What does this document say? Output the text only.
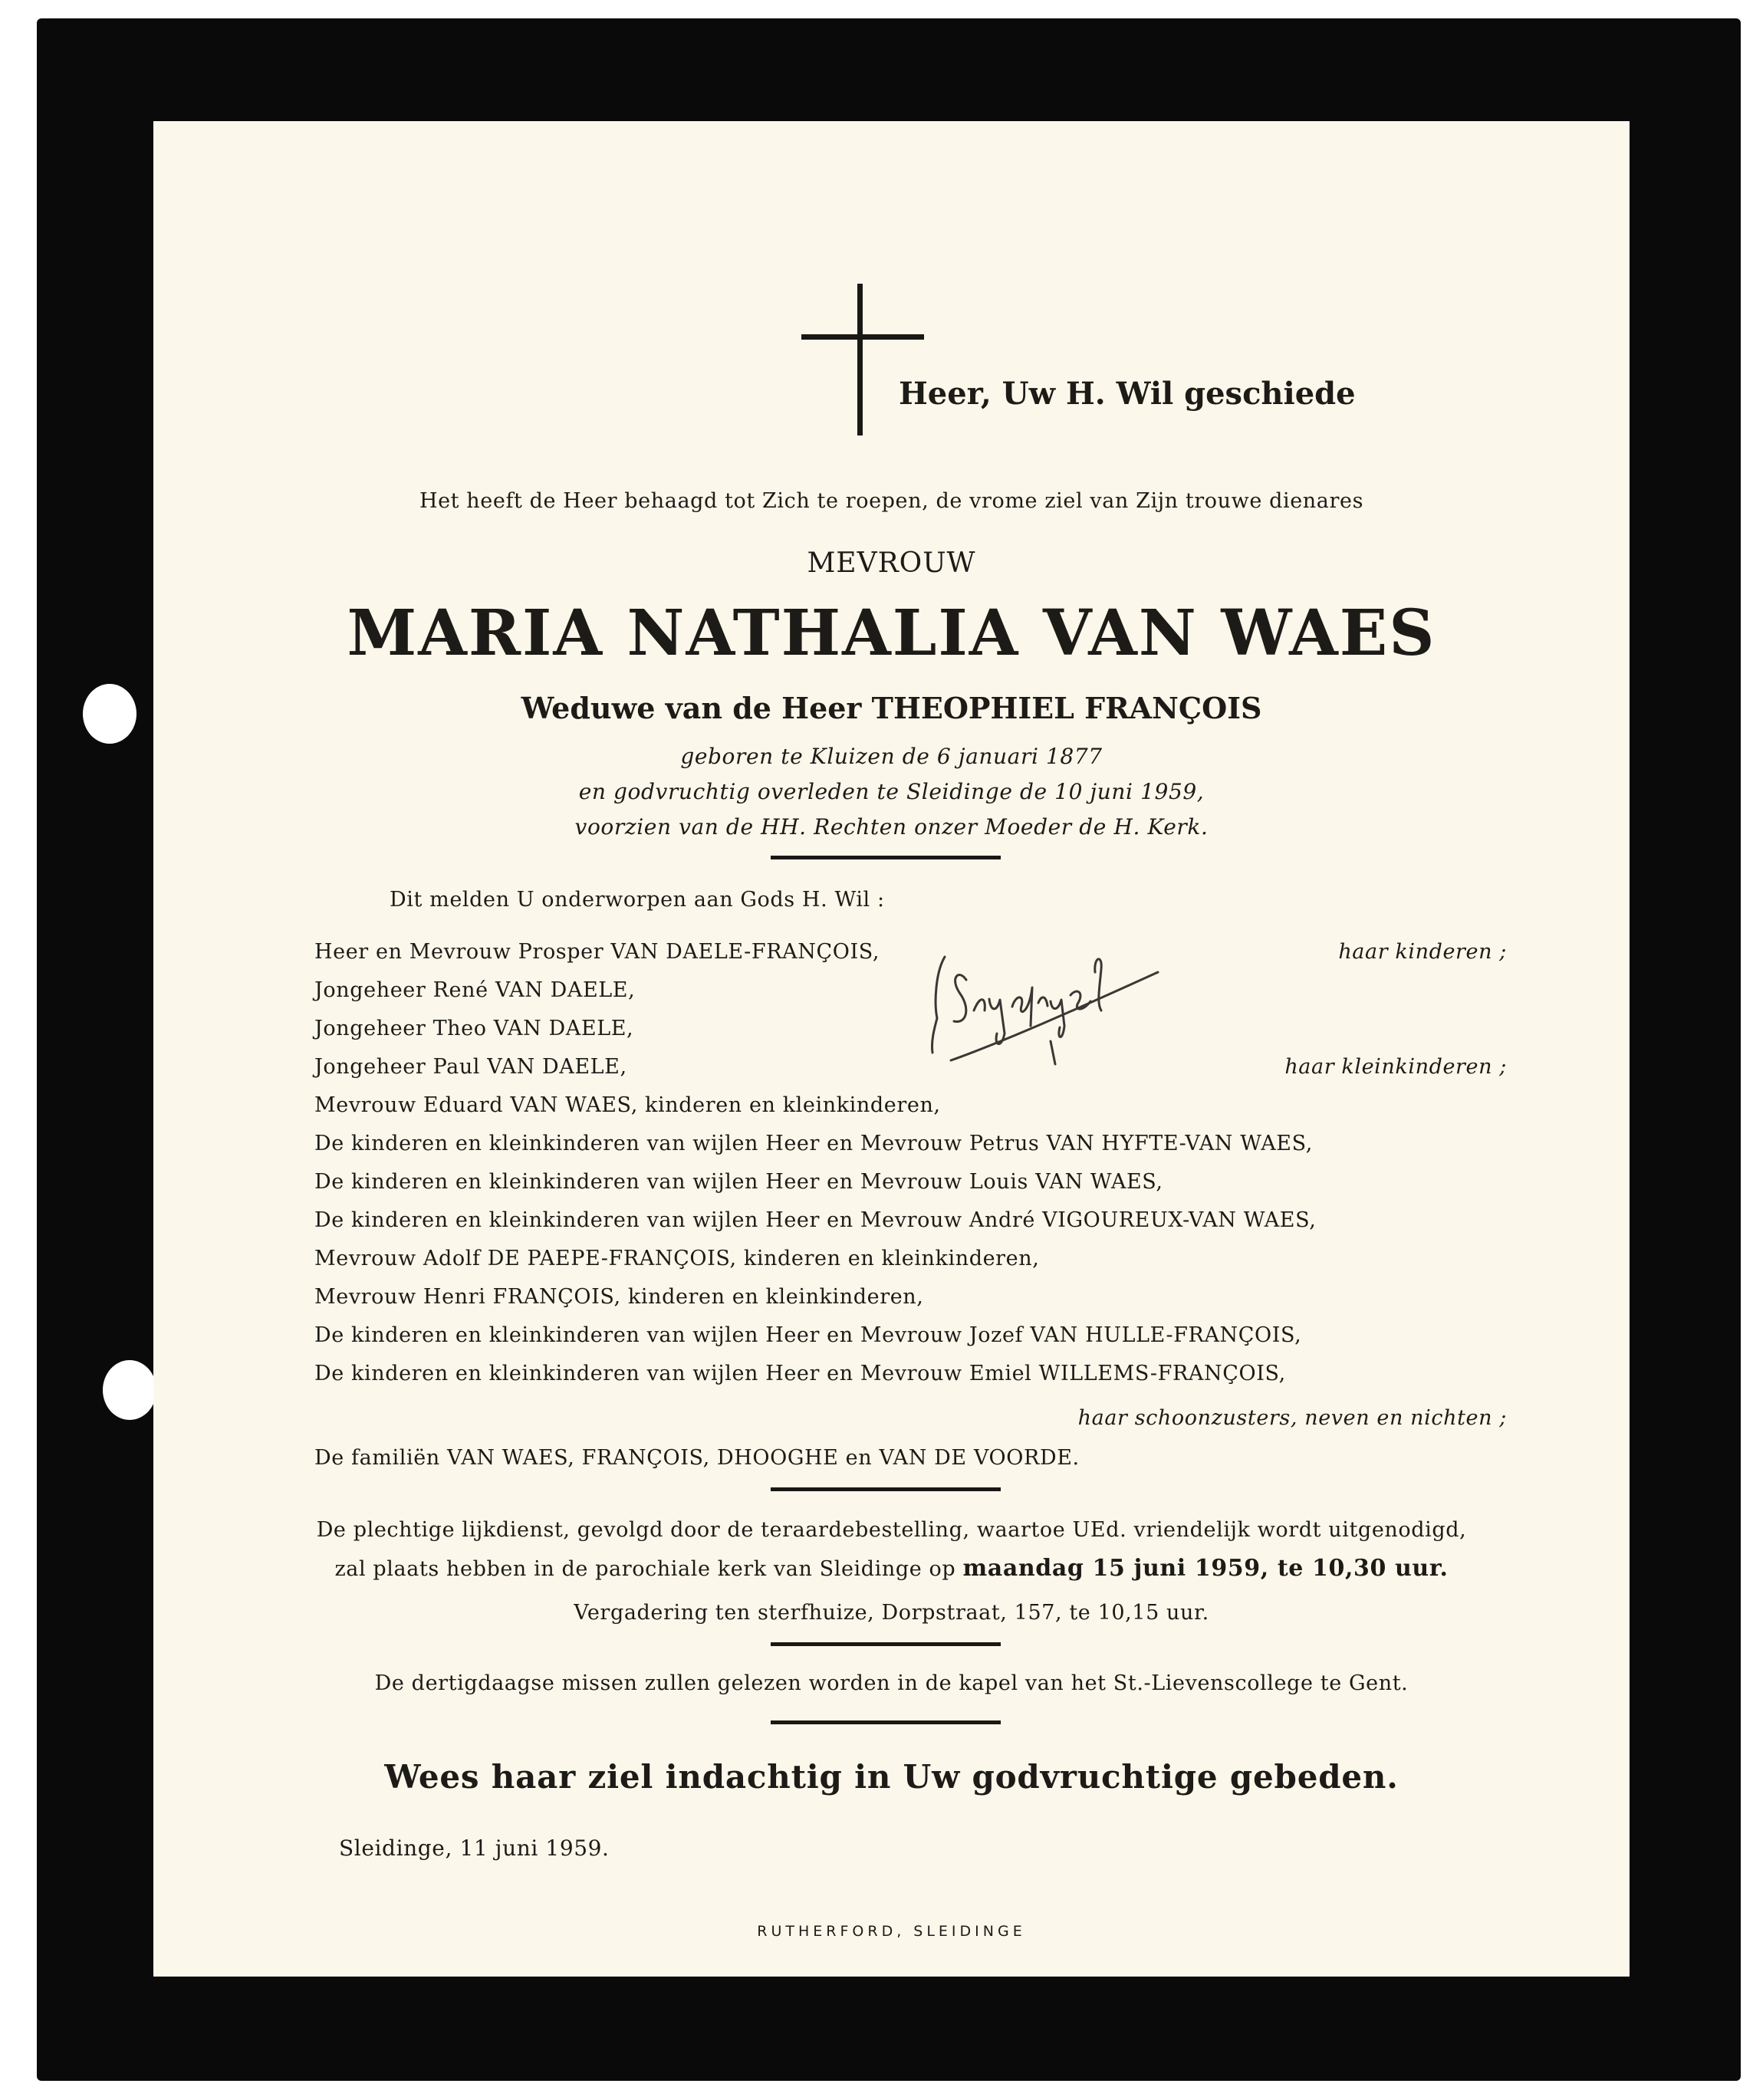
Heer, Uw H. Wil geschiede
Het heeft de Heer behaagd tot Zich te roepen, de vrome ziel van Zijn trouwe dienares
MEVROUW
MARIA NATHALIA VAN WAES
Weduwe van de Heer THEOPHIEL FRANÇOIS
geboren te Kluizen de 6 januari 1877
en godvruchtig overleden te Sleidinge de 10 juni 1959,
voorzien van de HH. Rechten onzer Moeder de H. Kerk.
Dit melden U onderworpen aan Gods H. Wil :
Heer en Mevrouw Prosper VAN DAELE-FRANÇOIS,
Jongeheer René VAN DAELE,
Jongeheer Theo VAN DAELE,
Jongeheer Paul VAN DAELE,
Mevrouw Eduard VAN WAES, kinderen en kleinkinderen,
De kinderen en kleinkinderen van wijlen Heer en Mevrouw Petrus VAN HYFTE-VAN WAES,
De kinderen en kleinkinderen van wijlen Heer en Mevrouw Louis VAN WAES,
De kinderen en kleinkinderen van wijlen Heer en Mevrouw André VIGOUREUX-VAN WAES,
Mevrouw Adolf DE PAEPE-FRANÇOIS, kinderen en kleinkinderen,
Mevrouw Henri FRANÇOIS, kinderen en kleinkinderen,
De kinderen en kleinkinderen van wijlen Heer en Mevrouw Jozef VAN HULLE-FRANÇOIS,
De kinderen en kleinkinderen van wijlen Heer en Mevrouw Emiel WILLEMS-FRANÇOIS,
haar kinderen ;
haar kleinkinderen ;
haar schoonzusters, neven en nichten ;
De familiën VAN WAES, FRANÇOIS, DHOOGHE en VAN DE VOORDE.
De plechtige lijkdienst, gevolgd door de teraardebestelling, waartoe UEd. vriendelijk wordt uitgenodigd,
zal plaats hebben in de parochiale kerk van Sleidinge op maandag 15 juni 1959, te 10,30 uur.
Vergadering ten sterfhuize, Dorpstraat, 157, te 10,15 uur.
De dertigdaagse missen zullen gelezen worden in de kapel van het St.-Lievenscollege te Gent.
Wees haar ziel indachtig in Uw godvruchtige gebeden.
Sleidinge, 11 juni 1959.
RUTHERFORD, SLEIDINGE
